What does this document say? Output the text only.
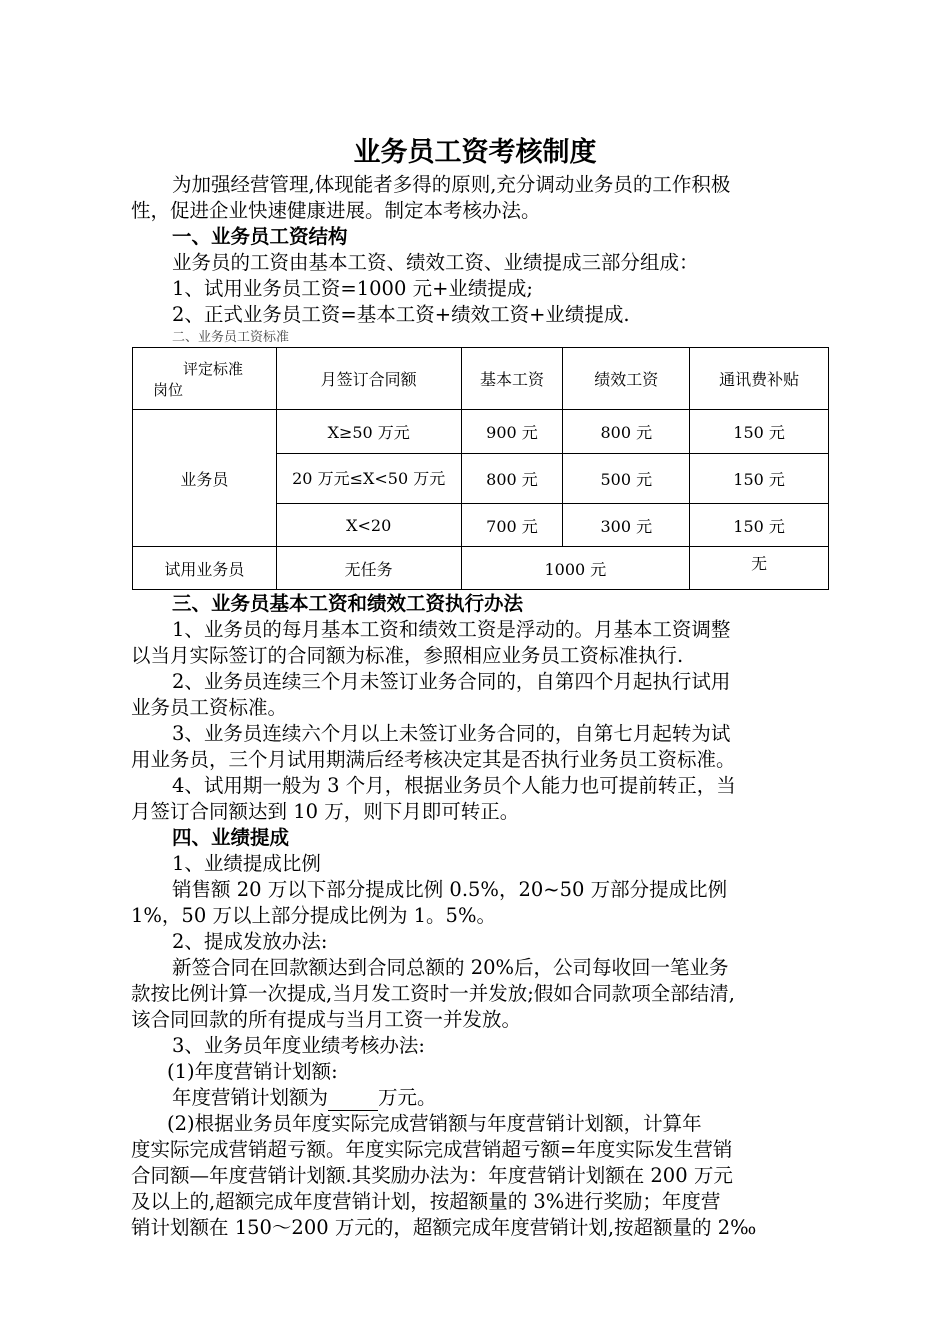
业务员工资考核制度

为加强经营管理,体现能者多得的原则,充分调动业务员的工作积极

性，促进企业快速健康进展。制定本考核办法。

一、业务员工资结构

业务员的工资由基本工资、绩效工资、业绩提成三部分组成：

1、试用业务员工资=1000 元+业绩提成;

2、正式业务员工资=基本工资+绩效工资+业绩提成.

二、业务员工资标准

评定标准
岗位	月签订合同额	基本工资	绩效工资	通讯费补贴
业务员	X≥50 万元	900 元	800 元	150 元
	20 万元≤X<50 万元	800 元	500 元	150 元
	X<20	700 元	300 元	150 元
试用业务员	无任务	1000 元		无

三、业务员基本工资和绩效工资执行办法

1、业务员的每月基本工资和绩效工资是浮动的。月基本工资调整

以当月实际签订的合同额为标准，参照相应业务员工资标准执行.

2、业务员连续三个月未签订业务合同的，自第四个月起执行试用

业务员工资标准。

3、业务员连续六个月以上未签订业务合同的，自第七月起转为试

用业务员，三个月试用期满后经考核决定其是否执行业务员工资标准。

4、试用期一般为 3 个月，根据业务员个人能力也可提前转正，当

月签订合同额达到 10 万，则下月即可转正。

四、业绩提成

1、业绩提成比例

销售额 20 万以下部分提成比例 0.5%，20~50 万部分提成比例

1%，50 万以上部分提成比例为 1。5%。

2、提成发放办法:

新签合同在回款额达到合同总额的 20%后，公司每收回一笔业务

款按比例计算一次提成,当月发工资时一并发放;假如合同款项全部结清,

该合同回款的所有提成与当月工资一并发放。

3、业务员年度业绩考核办法:

(1)年度营销计划额:

年度营销计划额为	万元。

(2)根据业务员年度实际完成营销额与年度营销计划额，计算年

度实际完成营销超亏额。年度实际完成营销超亏额=年度实际发生营销

合同额—年度营销计划额.其奖励办法为：年度营销计划额在 200 万元

及以上的,超额完成年度营销计划，按超额量的 3%进行奖励；年度营

销计划额在 150～200 万元的，超额完成年度营销计划,按超额量的 2‰
